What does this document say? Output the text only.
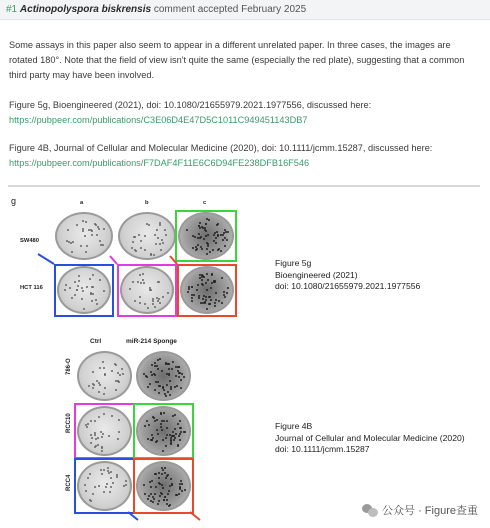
#1 Actinopolyspora biskrensis comment accepted February 2025

Some assays in this paper also seem to appear in a different unrelated paper. In three cases, the images are rotated 180°. Note that the field of view isn't quite the same (especially the red plate), suggesting that a common third party may have been involved.

Figure 5g, Bioengineered (2021), doi: 10.1080/21655979.2021.1977556, discussed here:
https://pubpeer.com/publications/C3E06D4E47D5C1011C949451143DB7
Figure 4B, Journal of Cellular and Molecular Medicine (2020), doi: 10.1111/jcmm.15287, discussed here:
https://pubpeer.com/publications/F7DAF4F11E6C6D94FE238DFB16F546
g	a	b	c
SW480
HCT 116
Figure 5g
Bioengineered (2021)
doi: 10.1080/21655979.2021.1977556
Ctrl	miR-214 Sponge
786-O
RCC10
RCC4
Figure 4B
Journal of Cellular and Molecular Medicine (2020)
doi: 10.1111/jcmm.15287
公众号 · Figure查重
